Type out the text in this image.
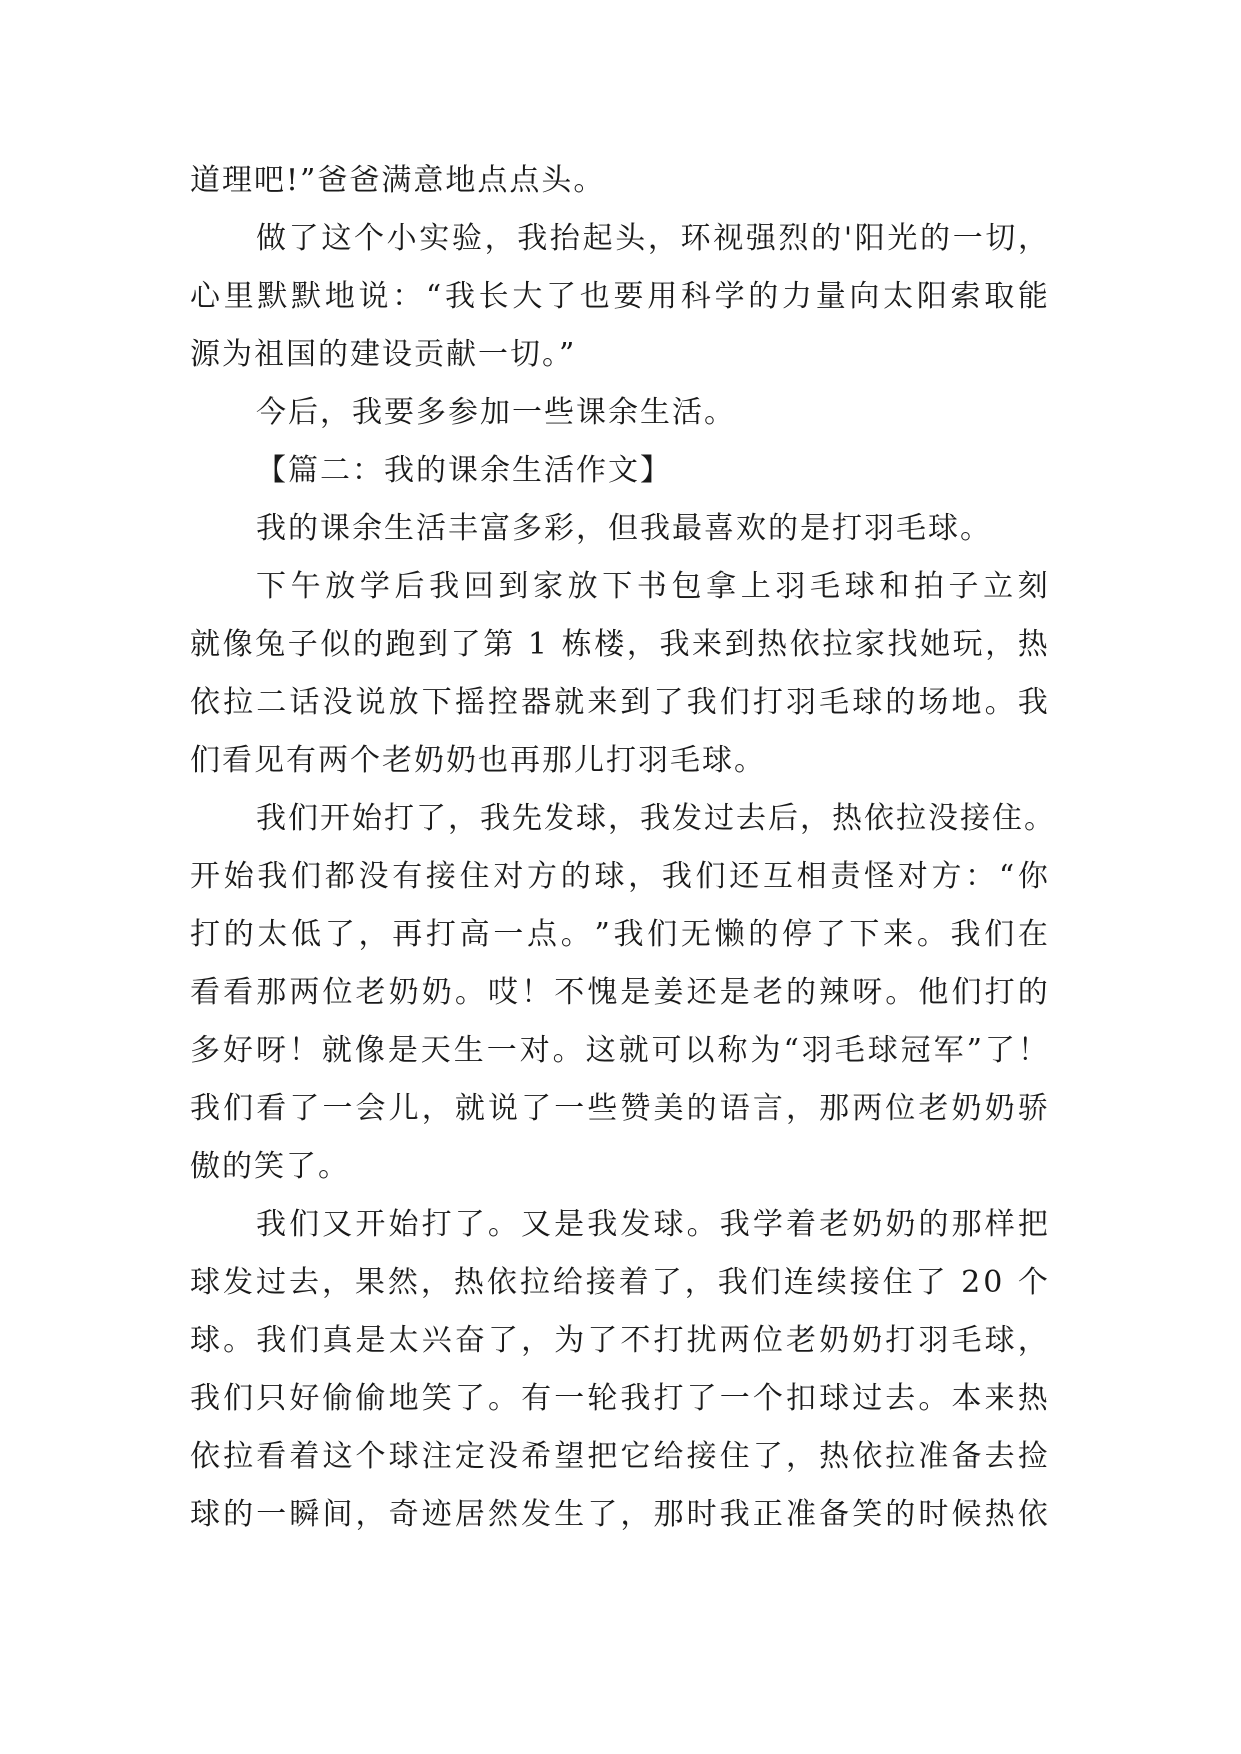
道理吧!”爸爸满意地点点头。
做 了 这 个 小 实 验 ， 我 抬 起 头 ， 环 视 强 烈 的 ' 阳 光 的 一 切 ，
心 里 默 默 地 说 ： “ 我 长 大 了 也 要 用 科 学 的 力 量 向 太 阳 索 取 能
源为祖国的建设贡献一切。”
今后，我要多参加一些课余生活。
【篇二：我的课余生活作文】
我的课余生活丰富多彩，但我最喜欢的是打羽毛球。
下 午 放 学 后 我 回 到 家 放 下 书 包 拿 上 羽 毛 球 和 拍 子 立 刻
就 像 兔 子 似 的 跑 到 了 第
1
栋 楼 ， 我 来 到 热 依 拉 家 找 她 玩 ， 热
依 拉 二 话 没 说 放 下 摇 控 器 就 来 到 了 我 们 打 羽 毛 球 的 场 地 。 我
们看见有两个老奶奶也再那儿打羽毛球。
我 们 开 始 打 了 ， 我 先 发 球 ， 我 发 过 去 后 ， 热 依 拉 没 接 住 。
开 始 我 们 都 没 有 接 住 对 方 的 球 ， 我 们 还 互 相 责 怪 对 方 ： “ 你
打 的 太 低 了 ， 再 打 高 一 点 。 ” 我 们 无 懒 的 停 了 下 来 。 我 们 在
看 看 那 两 位 老 奶 奶 。 哎 ！ 不 愧 是 姜 还 是 老 的 辣 呀 。 他 们 打 的
多 好 呀 ！ 就 像 是 天 生 一 对 。 这 就 可 以 称 为 “ 羽 毛 球 冠 军 ” 了 ！
我 们 看 了 一 会 儿 ， 就 说 了 一 些 赞 美 的 语 言 ， 那 两 位 老 奶 奶 骄
傲的笑了。
我 们 又 开 始 打 了 。 又 是 我 发 球 。 我 学 着 老 奶 奶 的 那 样 把
球 发 过 去 ， 果 然 ， 热 依 拉 给 接 着 了 ， 我 们 连 续 接 住 了
2 0
个
球 。 我 们 真 是 太 兴 奋 了 ， 为 了 不 打 扰 两 位 老 奶 奶 打 羽 毛 球 ，
我 们 只 好 偷 偷 地 笑 了 。 有 一 轮 我 打 了 一 个 扣 球 过 去 。 本 来 热
依 拉 看 着 这 个 球 注 定 没 希 望 把 它 给 接 住 了 ， 热 依 拉 准 备 去 捡
球 的 一 瞬 间 ， 奇 迹 居 然 发 生 了 ， 那 时 我 正 准 备 笑 的 时 候 热 依
